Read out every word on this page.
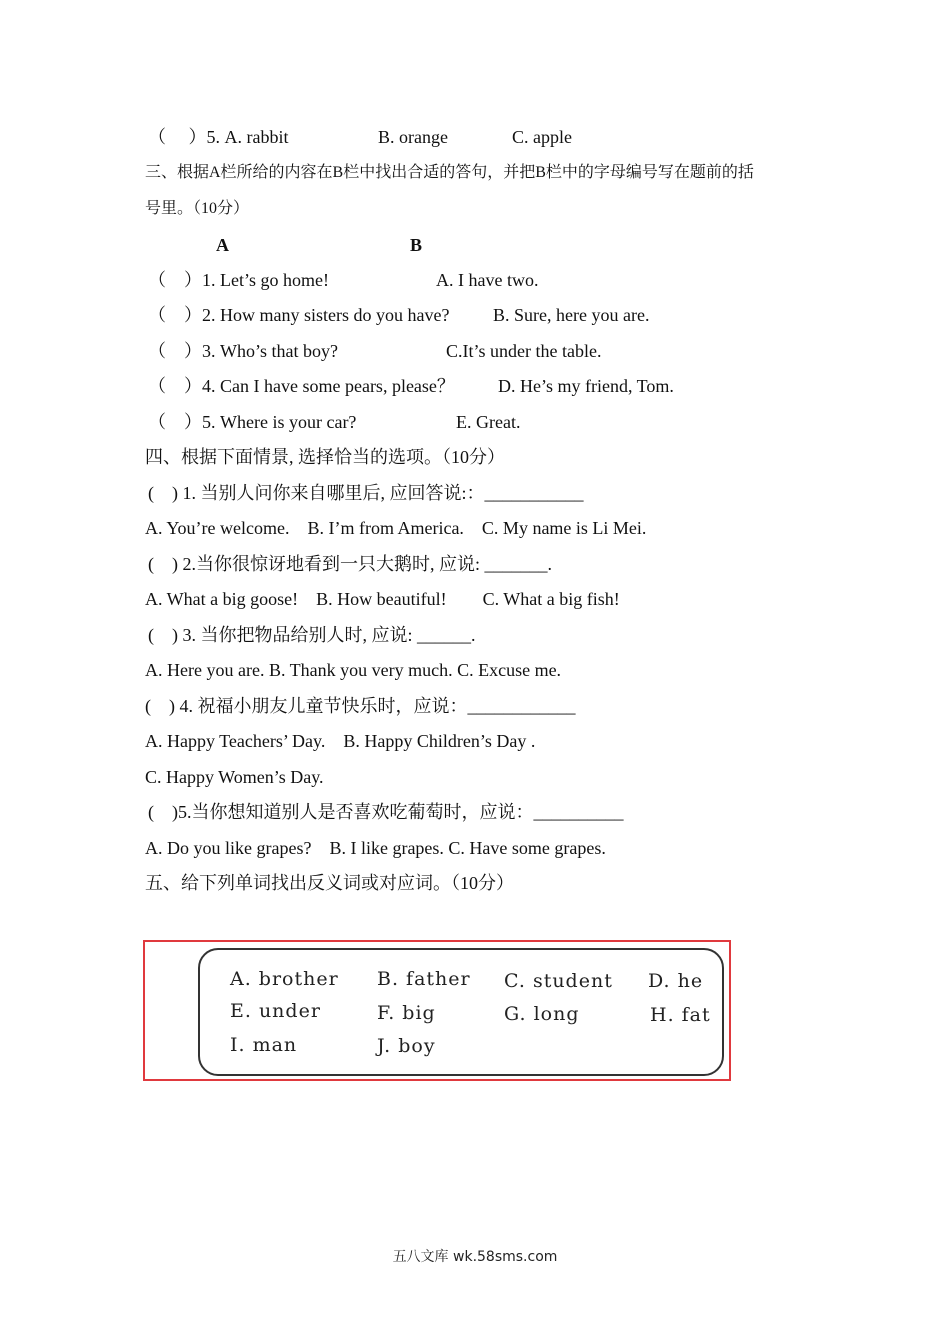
（　 ）5. A. rabbit	B. orange	C. apple
三、根据A栏所给的内容在B栏中找出合适的答句，并把B栏中的字母编号写在题前的括
号里。（10分）
A	B
（　）1. Let’s go home!	A. I have two.
（　）2. How many sisters do you have? B. Sure, here you are.
（　）3. Who’s that boy?	C.It’s under the table.
（　）4. Can I have some pears, please？ D. He’s my friend, Tom.
（　）5. Where is your car?	E. Great.
四、根据下面情景, 选择恰当的选项。（10分）
(　) 1. 当别人问你来自哪里后, 应回答说:：___________
A. You’re welcome.　B. I’m from America.　C. My name is Li Mei.
(　) 2.当你很惊讶地看到一只大鹅时, 应说: _______.
A. What a big goose!　B. How beautiful!　　C. What a big fish!
(　) 3. 当你把物品给别人时, 应说: ______.
A. Here you are. B. Thank you very much. C. Excuse me.
(　) 4. 祝福小朋友儿童节快乐时，应说：____________
A. Happy Teachers’ Day.　B. Happy Children’s Day .
C. Happy Women’s Day.
(　)5.当你想知道别人是否喜欢吃葡萄时，应说：__________
A. Do you like grapes?　B. I like grapes. C. Have some grapes.
五、给下列单词找出反义词或对应词。（10分）
A. brother B. father C. student D. he
E. under	F. big	G. long	H. fat
I. man	J. boy
五八文库 wk.58sms.com
